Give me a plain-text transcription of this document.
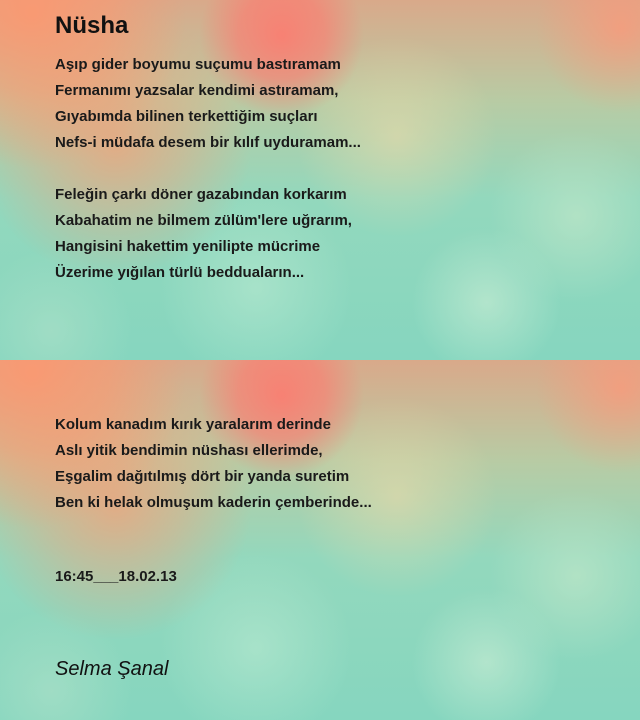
Nüsha
Aşıp gider boyumu suçumu bastıramam
Fermanımı yazsalar kendimi astıramam,
Gıyabımda bilinen terkettiğim suçları
Nefs-i müdafa desem bir kılıf uyduramam...
Feleğin çarkı döner gazabından korkarım
Kabahatim ne bilmem zülüm'lere uğrarım,
Hangisini hakettim yenilipte mücrime
Üzerime yığılan türlü bedduaların...
Kolum kanadım kırık yaralarım derinde
Aslı yitik bendimin nüshası ellerimde,
Eşgalim dağıtılmış dört bir yanda suretim
Ben ki helak olmuşum kaderin çemberinde...
16:45___18.02.13
Selma Şanal
